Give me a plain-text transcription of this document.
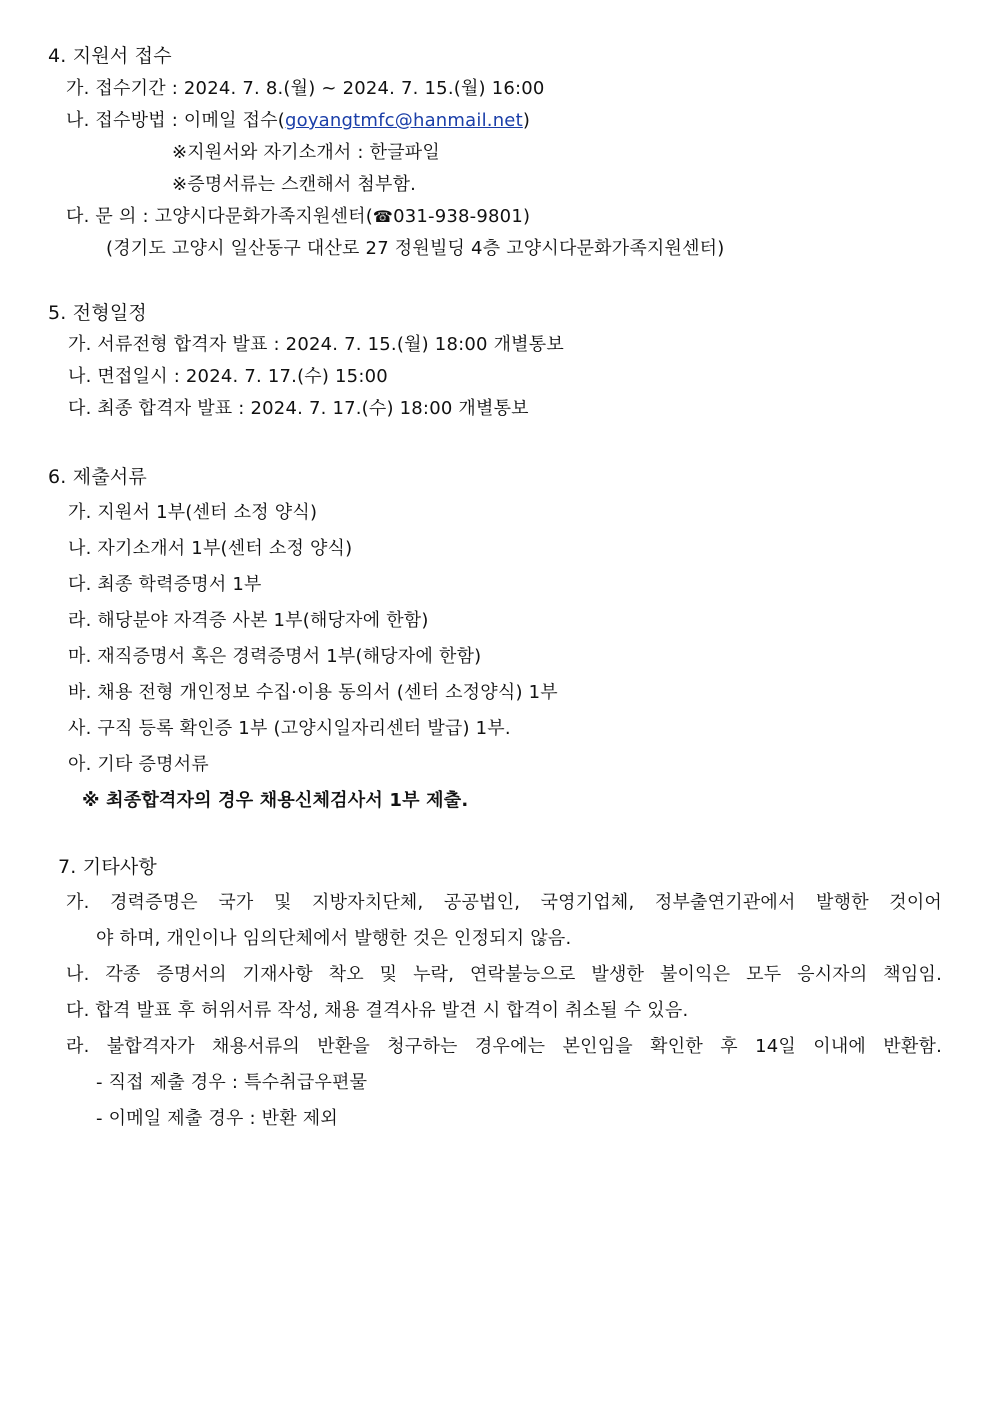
4. 지원서 접수
가. 접수기간 : 2024. 7. 8.(월) ~ 2024. 7. 15.(월) 16:00
나. 접수방법 : 이메일 접수(goyangtmfc@hanmail.net)
※지원서와 자기소개서 : 한글파일
※증명서류는 스캔해서 첨부함.
다. 문 의 : 고양시다문화가족지원센터(☎031-938-9801)
(경기도 고양시 일산동구 대산로 27 정원빌딩 4층 고양시다문화가족지원센터)
5. 전형일정
가. 서류전형 합격자 발표 : 2024. 7. 15.(월) 18:00 개별통보
나. 면접일시 : 2024. 7. 17.(수) 15:00
다. 최종 합격자 발표 : 2024. 7. 17.(수) 18:00 개별통보
6. 제출서류
가. 지원서 1부(센터 소정 양식)
나. 자기소개서 1부(센터 소정 양식)
다. 최종 학력증명서 1부
라. 해당분야 자격증 사본 1부(해당자에 한함)
마. 재직증명서 혹은 경력증명서 1부(해당자에 한함)
바. 채용 전형 개인정보 수집·이용 동의서 (센터 소정양식) 1부
사. 구직 등록 확인증 1부 (고양시일자리센터 발급) 1부.
아. 기타 증명서류
※ 최종합격자의 경우 채용신체검사서 1부 제출.
7. 기타사항
가. 경력증명은 국가 및 지방자치단체, 공공법인, 국영기업체, 정부출연기관에서 발행한 것이어
야 하며, 개인이나 임의단체에서 발행한 것은 인정되지 않음.
나. 각종 증명서의 기재사항 착오 및 누락, 연락불능으로 발생한 불이익은 모두 응시자의 책임임.
다. 합격 발표 후 허위서류 작성, 채용 결격사유 발견 시 합격이 취소될 수 있음.
라. 불합격자가 채용서류의 반환을 청구하는 경우에는 본인임을 확인한 후 14일 이내에 반환함.
- 직접 제출 경우 : 특수취급우편물
- 이메일 제출 경우 : 반환 제외
